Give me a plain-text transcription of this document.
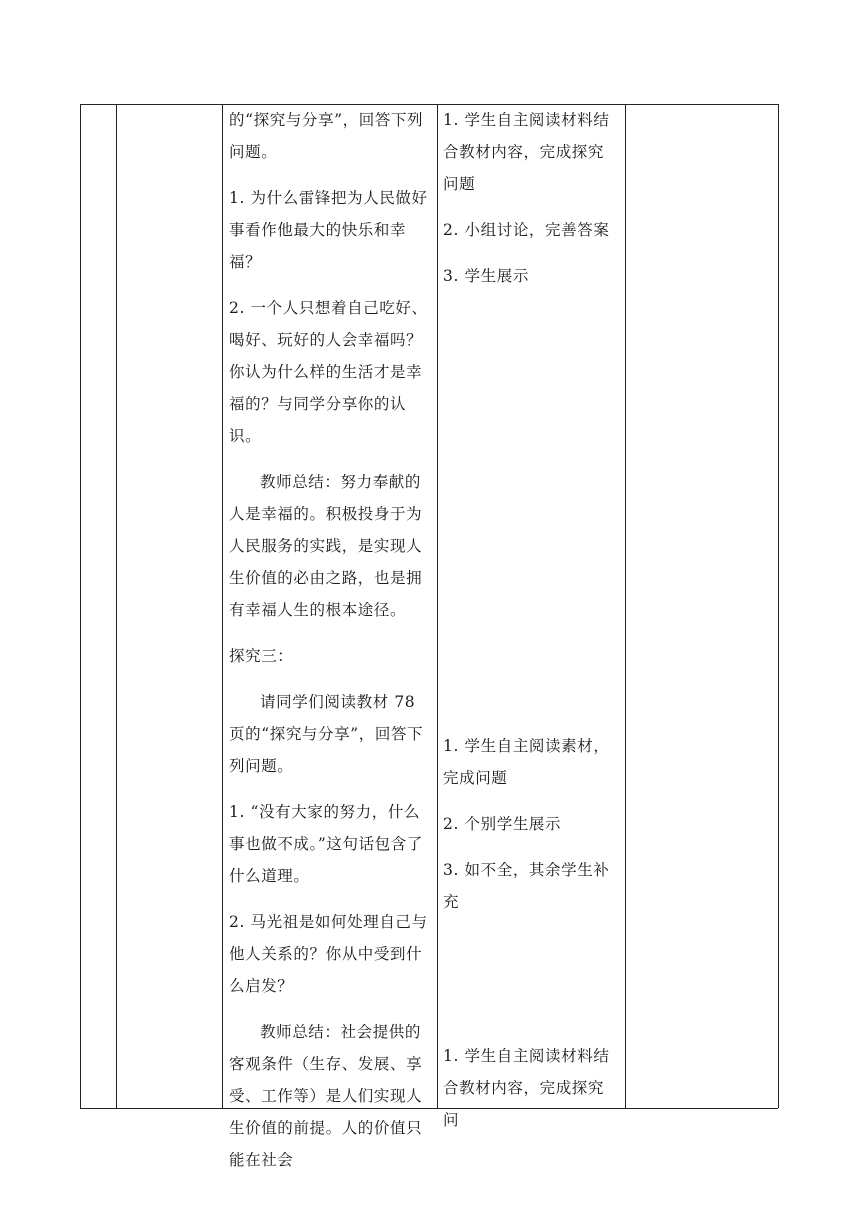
的“探究与分享”，回答下列问题。

1. 为什么雷锋把为人民做好事看作他最大的快乐和幸福？

2. 一个人只想着自己吃好、喝好、玩好的人会幸福吗？你认为什么样的生活才是幸福的？与同学分享你的认识。

教师总结：努力奉献的人是幸福的。积极投身于为人民服务的实践，是实现人生价值的必由之路，也是拥有幸福人生的根本途径。

探究三：

请同学们阅读教材 78 页的“探究与分享”，回答下列问题。

1. “没有大家的努力，什么事也做不成。”这句话包含了什么道理。

2. 马光祖是如何处理自己与他人关系的？你从中受到什么启发？

教师总结：社会提供的客观条件（生存、发展、享受、工作等）是人们实现人生价值的前提。人的价值只能在社会

1. 学生自主阅读材料结合教材内容，完成探究问题

2. 小组讨论，完善答案

3. 学生展示

1. 学生自主阅读素材，完成问题

2. 个别学生展示

3. 如不全，其余学生补充

1. 学生自主阅读材料结合教材内容，完成探究问
